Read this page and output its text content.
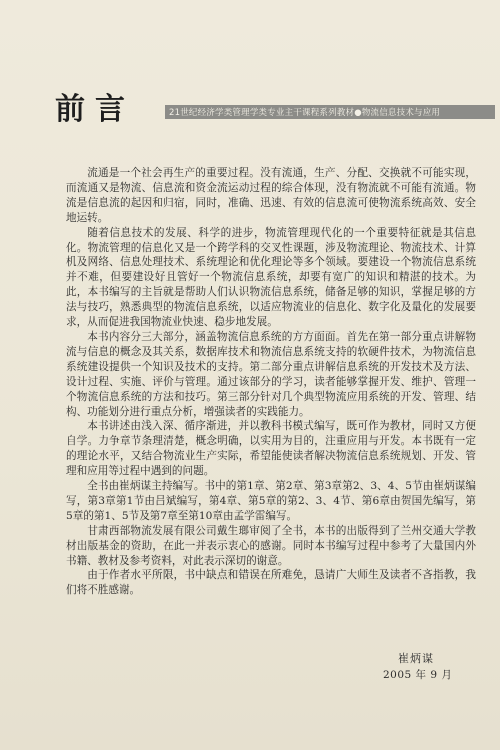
前言	21世纪经济学类管理学类专业主干课程系列教材●物流信息技术与应用

流通是一个社会再生产的重要过程。没有流通，生产、分配、交换就不可能实现，而流通又是物流、信息流和资金流运动过程的综合体现，没有物流就不可能有流通。物流是信息流的起因和归宿，同时，准确、迅速、有效的信息流可使物流系统高效、安全地运转。

随着信息技术的发展、科学的进步，物流管理现代化的一个重要特征就是其信息化。物流管理的信息化又是一个跨学科的交叉性课题，涉及物流理论、物流技术、计算机及网络、信息处理技术、系统理论和优化理论等多个领域。要建设一个物流信息系统并不难，但要建设好且管好一个物流信息系统，却要有宽广的知识和精湛的技术。为此，本书编写的主旨就是帮助人们认识物流信息系统，储备足够的知识，掌握足够的方法与技巧，熟悉典型的物流信息系统，以适应物流业的信息化、数字化及量化的发展要求，从而促进我国物流业快速、稳步地发展。

本书内容分三大部分，涵盖物流信息系统的方方面面。首先在第一部分重点讲解物流与信息的概念及其关系，数据库技术和物流信息系统支持的软硬件技术，为物流信息系统建设提供一个知识及技术的支持。第二部分重点讲解信息系统的开发技术及方法、设计过程、实施、评价与管理。通过该部分的学习，读者能够掌握开发、维护、管理一个物流信息系统的方法和技巧。第三部分针对几个典型物流应用系统的开发、管理、结构、功能划分进行重点分析，增强读者的实践能力。

本书讲述由浅入深、循序渐进，并以教科书模式编写，既可作为教材，同时又方便自学。力争章节条理清楚，概念明确，以实用为目的，注重应用与开发。本书既有一定的理论水平，又结合物流业生产实际，希望能使读者解决物流信息系统规划、开发、管理和应用等过程中遇到的问题。

全书由崔炳谋主持编写。书中的第1章、第2章、第3章第2、3、4、5节由崔炳谋编写，第3章第1节由吕斌编写，第4章、第5章的第2、3、4节、第6章由贺国先编写，第5章的第1、5节及第7章至第10章由孟学雷编写。

甘肃西部物流发展有限公司戴生瑯审阅了全书，本书的出版得到了兰州交通大学教材出版基金的资助，在此一并表示衷心的感谢。同时本书编写过程中参考了大量国内外书籍、教材及参考资料，对此表示深切的谢意。

由于作者水平所限，书中缺点和错误在所难免，恳请广大师生及读者不吝指教，我们将不胜感谢。

崔炳谋
2005 年 9 月
